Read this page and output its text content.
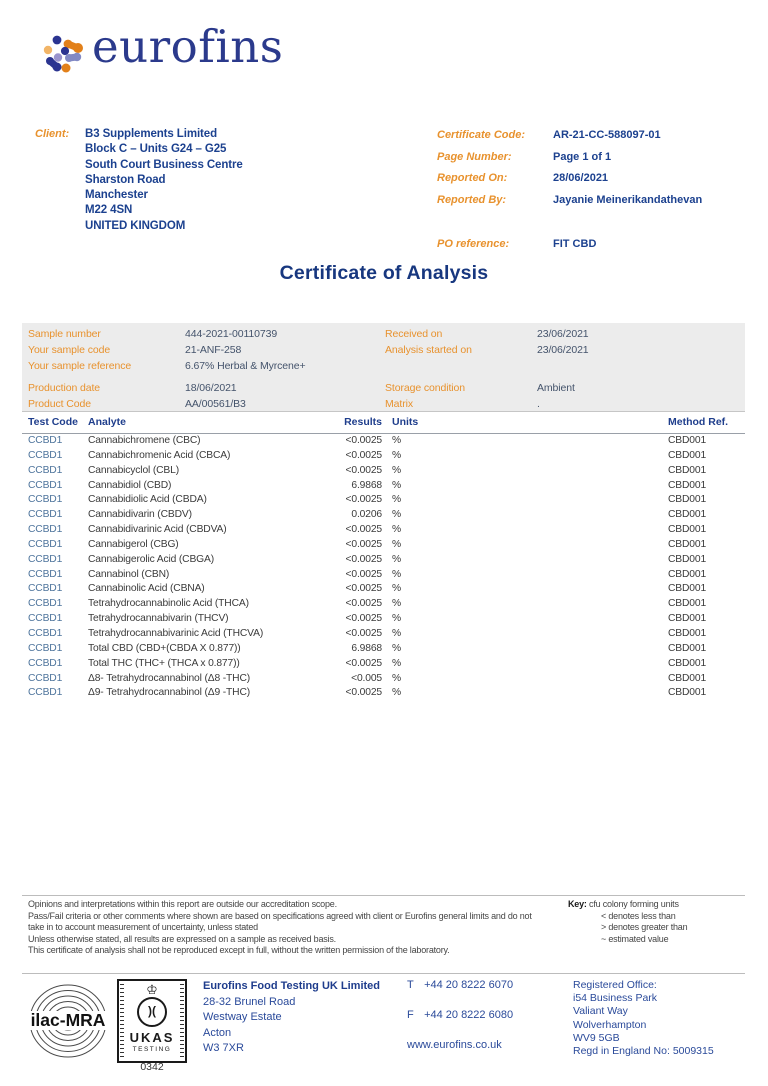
eurofins
Client: B3 Supplements Limited
Block C – Units G24 – G25
South Court Business Centre
Sharston Road
Manchester
M22 4SN
UNITED KINGDOM
Certificate Code:	AR-21-CC-588097-01
Page Number:	Page 1 of 1
Reported On:	28/06/2021
Reported By:	Jayanie Meinerikandathevan
PO reference:	FIT CBD
Certificate of Analysis
Sample number	444-2021-00110739	Received on	23/06/2021
Your sample code	21-ANF-258	Analysis started on	23/06/2021
Your sample reference	6.67% Herbal & Myrcene+
Production date	18/06/2021	Storage condition	Ambient
Product Code	AA/00561/B3	Matrix	.
Test Code Analyte	Results Units	Method Ref.
CCBD1	Cannabichromene (CBC)	<0.0025 %	CBD001
CCBD1	Cannabichromenic Acid (CBCA)	<0.0025 %	CBD001
CCBD1	Cannabicyclol (CBL)	<0.0025 %	CBD001
CCBD1	Cannabidiol (CBD)	6.9868 %	CBD001
CCBD1	Cannabidiolic Acid (CBDA)	<0.0025 %	CBD001
CCBD1	Cannabidivarin (CBDV)	0.0206 %	CBD001
CCBD1	Cannabidivarinic Acid (CBDVA)	<0.0025 %	CBD001
CCBD1	Cannabigerol (CBG)	<0.0025 %	CBD001
CCBD1	Cannabigerolic Acid (CBGA)	<0.0025 %	CBD001
CCBD1	Cannabinol (CBN)	<0.0025 %	CBD001
CCBD1	Cannabinolic Acid (CBNA)	<0.0025 %	CBD001
CCBD1	Tetrahydrocannabinolic Acid (THCA)	<0.0025 %	CBD001
CCBD1	Tetrahydrocannabivarin (THCV)	<0.0025 %	CBD001
CCBD1	Tetrahydrocannabivarinic Acid (THCVA)	<0.0025 %	CBD001
CCBD1	Total CBD (CBD+(CBDA X 0.877))	6.9868 %	CBD001
CCBD1	Total THC (THC+ (THCA x 0.877))	<0.0025 %	CBD001
CCBD1	Δ8- Tetrahydrocannabinol (Δ8 -THC)	<0.005 %	CBD001
CCBD1	Δ9- Tetrahydrocannabinol (Δ9 -THC)	<0.0025 %	CBD001
Opinions and interpretations within this report are outside our accreditation scope.
Pass/Fail criteria or other comments where shown are based on specifications agreed with client or Eurofins general limits and do not
take in to account measurement of uncertainty, unless stated
Unless otherwise stated, all results are expressed on a sample as received basis.
This certificate of analysis shall not be reproduced except in full, without the written permission of the laboratory.
Key: cfu colony forming units
< denotes less than
> denotes greater than
~ estimated value
ilac-MRA
♔
)(
UKAS
TESTING
0342
Eurofins Food Testing UK Limited
28-32 Brunel Road
Westway Estate
Acton
W3 7XR
T +44 20 8222 6070
F +44 20 8222 6080
www.eurofins.co.uk
Registered Office:
i54 Business Park
Valiant Way
Wolverhampton
WV9 5GB
Regd in England No: 5009315
